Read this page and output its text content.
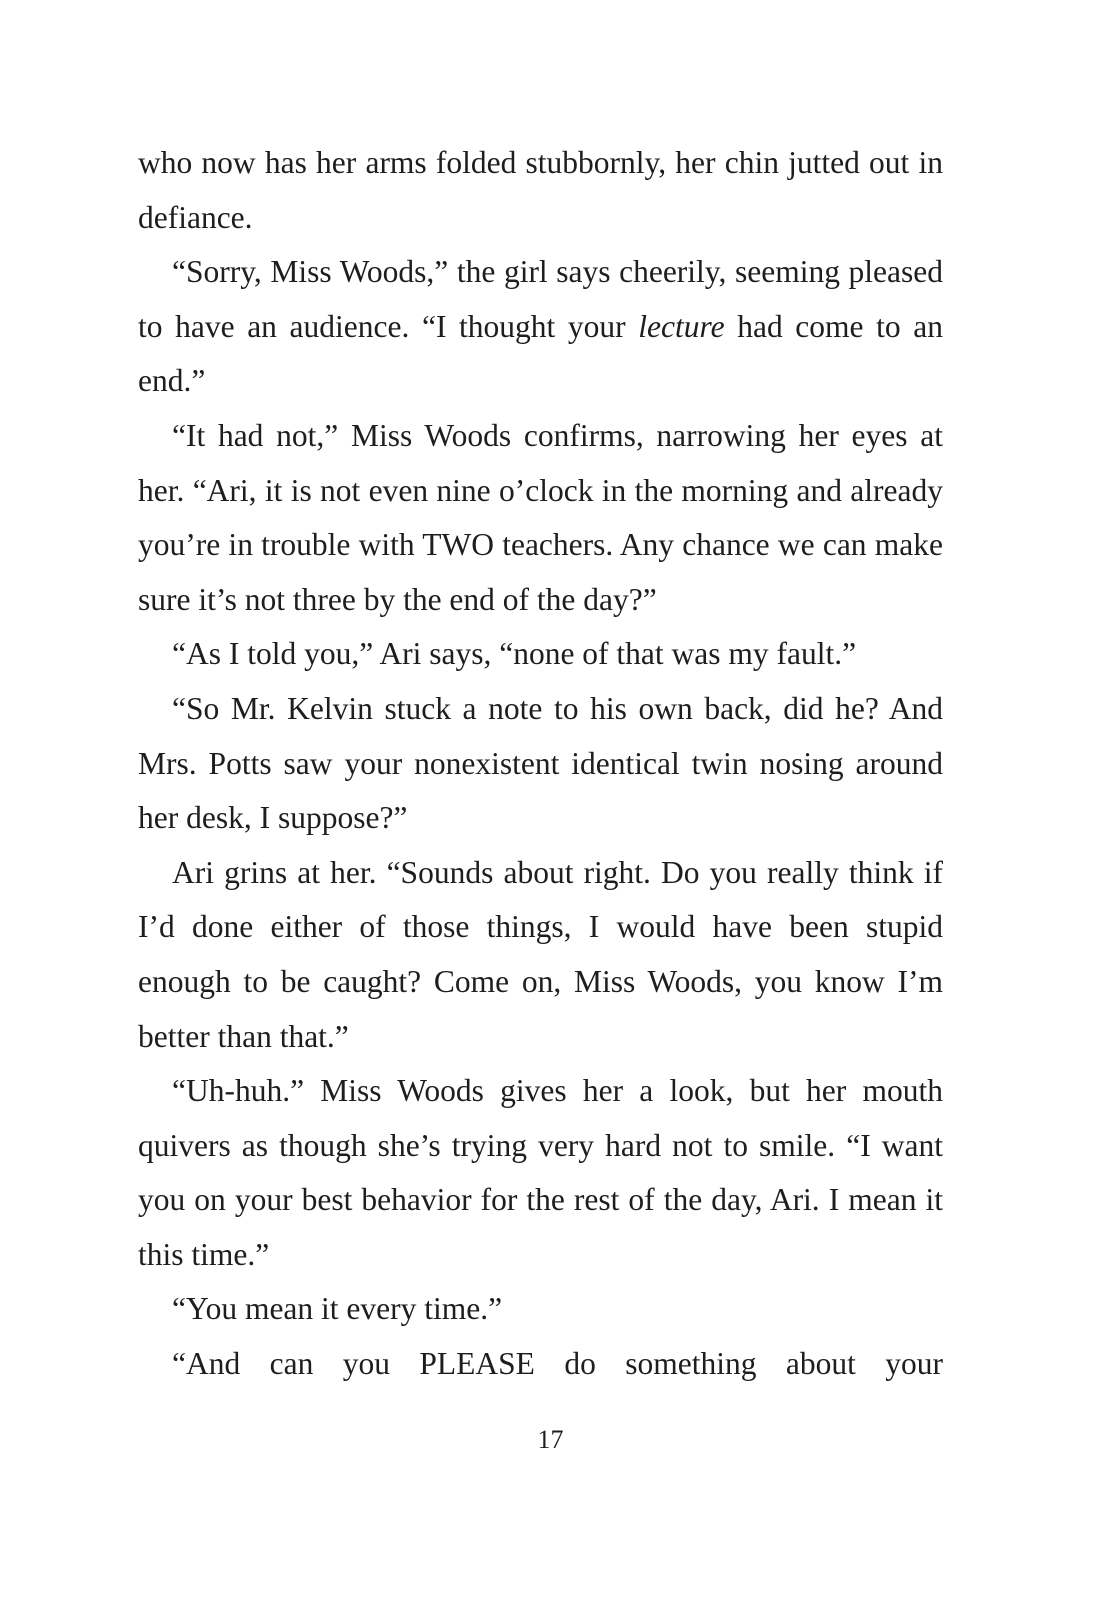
who now has her arms folded stubbornly, her chin jutted out in defiance.

“Sorry, Miss Woods,” the girl says cheerily, seeming pleased to have an audience. “I thought your lecture had come to an end.”

“It had not,” Miss Woods confirms, narrowing her eyes at her. “Ari, it is not even nine o’clock in the morning and already you’re in trouble with TWO teachers. Any chance we can make sure it’s not three by the end of the day?”

“As I told you,” Ari says, “none of that was my fault.”

“So Mr. Kelvin stuck a note to his own back, did he? And Mrs. Potts saw your nonexistent identical twin nosing around her desk, I suppose?”

Ari grins at her. “Sounds about right. Do you really think if I’d done either of those things, I would have been stupid enough to be caught? Come on, Miss Woods, you know I’m better than that.”

“Uh-huh.” Miss Woods gives her a look, but her mouth quivers as though she’s trying very hard not to smile. “I want you on your best behavior for the rest of the day, Ari. I mean it this time.”

“You mean it every time.”

“And can you PLEASE do something about your

17
